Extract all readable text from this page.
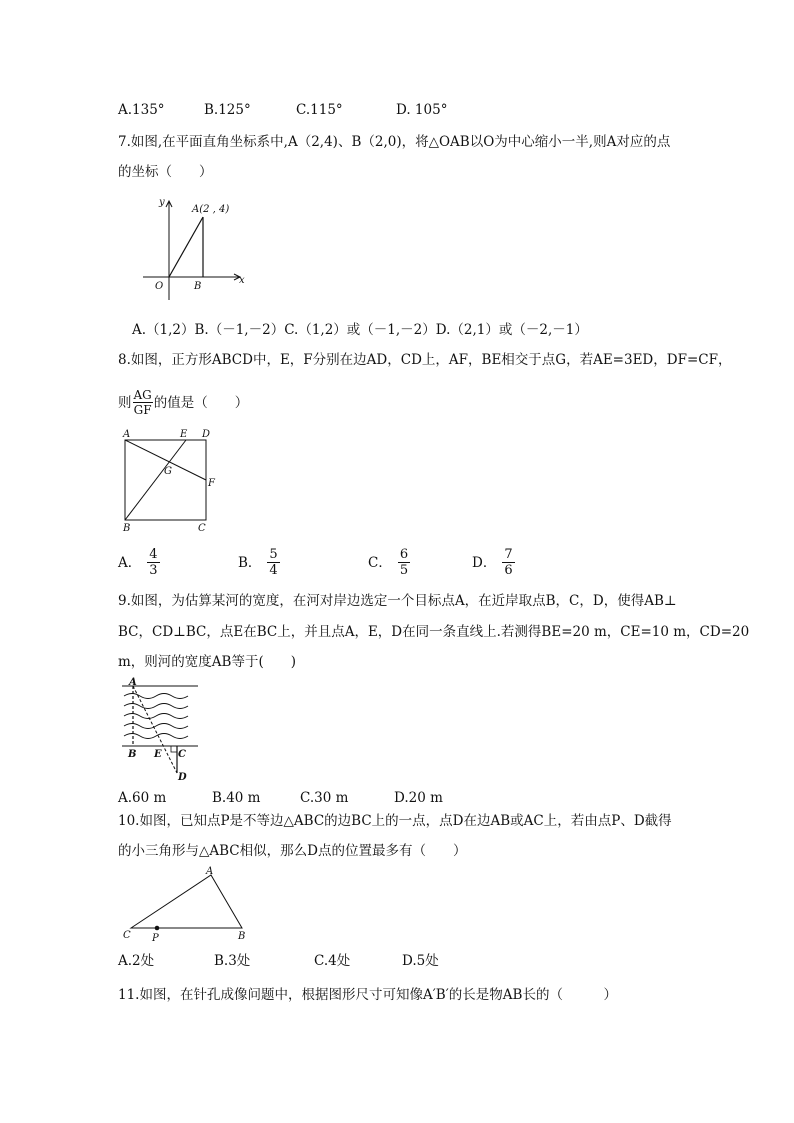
A.135°	B.125°	C.115°	D. 105°
7.如图,在平面直角坐标系中,A（2,4)、B（2,0)，将△OAB以O为中心缩小一半,则A对应的点
的坐标（　　）
y
x
O	B
A(2 , 4)
A.（1,2）B.（－1,－2）C.（1,2）或（－1,－2）D.（2,1）或（－2,－1）
8.如图，正方形ABCD中，E，F分别在边AD，CD上，AF，BE相交于点G，若AE=3ED，DF=CF，
则 $\frac{AG}{GF}$ 的值是（　　）
A	E D
G
F
B	C
A． $\frac{4}{3}$	B． $\frac{5}{4}$	C． $\frac{6}{5}$	D． $\frac{7}{6}$
9.如图，为估算某河的宽度，在河对岸边选定一个目标点A，在近岸取点B，C，D，使得AB⊥
BC，CD⊥BC，点E在BC上，并且点A，E，D在同一条直线上.若测得BE=20 m，CE=10 m，CD=20
m，则河的宽度AB等于(　　)
A
B E C
D
A.60 m	B.40 m	C.30 m	D.20 m
10.如图，已知点P是不等边△ABC的边BC上的一点，点D在边AB或AC上，若由点P、D截得
的小三角形与△ABC相似，那么D点的位置最多有（　　）
A
C P	B
A.2处	B.3处	C.4处	D.5处
11.如图，在针孔成像问题中，根据图形尺寸可知像A′B′的长是物AB长的（　　　）
